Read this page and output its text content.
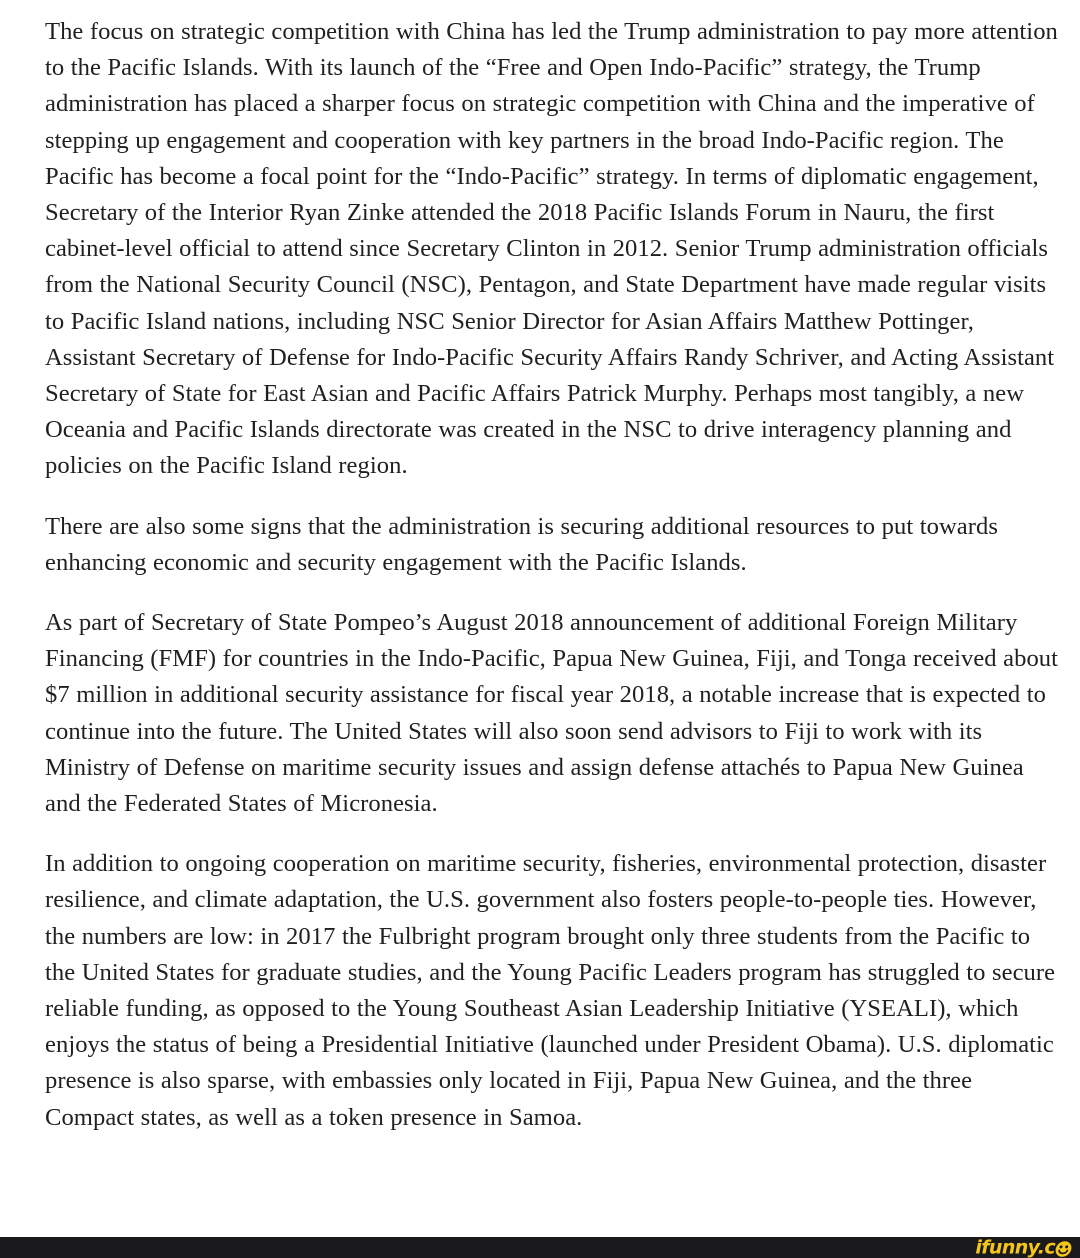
The focus on strategic competition with China has led the Trump administration to pay more attention to the Pacific Islands. With its launch of the “Free and Open Indo-Pacific” strategy, the Trump administration has placed a sharper focus on strategic competition with China and the imperative of stepping up engagement and cooperation with key partners in the broad Indo-Pacific region. The Pacific has become a focal point for the “Indo-Pacific” strategy. In terms of diplomatic engagement, Secretary of the Interior Ryan Zinke attended the 2018 Pacific Islands Forum in Nauru, the first cabinet-level official to attend since Secretary Clinton in 2012. Senior Trump administration officials from the National Security Council (NSC), Pentagon, and State Department have made regular visits to Pacific Island nations, including NSC Senior Director for Asian Affairs Matthew Pottinger, Assistant Secretary of Defense for Indo-Pacific Security Affairs Randy Schriver, and Acting Assistant Secretary of State for East Asian and Pacific Affairs Patrick Murphy. Perhaps most tangibly, a new Oceania and Pacific Islands directorate was created in the NSC to drive interagency planning and policies on the Pacific Island region.

There are also some signs that the administration is securing additional resources to put towards enhancing economic and security engagement with the Pacific Islands.

As part of Secretary of State Pompeo’s August 2018 announcement of additional Foreign Military Financing (FMF) for countries in the Indo-Pacific, Papua New Guinea, Fiji, and Tonga received about $7 million in additional security assistance for fiscal year 2018, a notable increase that is expected to continue into the future. The United States will also soon send advisors to Fiji to work with its Ministry of Defense on maritime security issues and assign defense attachés to Papua New Guinea and the Federated States of Micronesia.

In addition to ongoing cooperation on maritime security, fisheries, environmental protection, disaster resilience, and climate adaptation, the U.S. government also fosters people-to-people ties. However, the numbers are low: in 2017 the Fulbright program brought only three students from the Pacific to the United States for graduate studies, and the Young Pacific Leaders program has struggled to secure reliable funding, as opposed to the Young Southeast Asian Leadership Initiative (YSEALI), which enjoys the status of being a Presidential Initiative (launched under President Obama). U.S. diplomatic presence is also sparse, with embassies only located in Fiji, Papua New Guinea, and the three Compact states, as well as a token presence in Samoa.

ifunny.c
